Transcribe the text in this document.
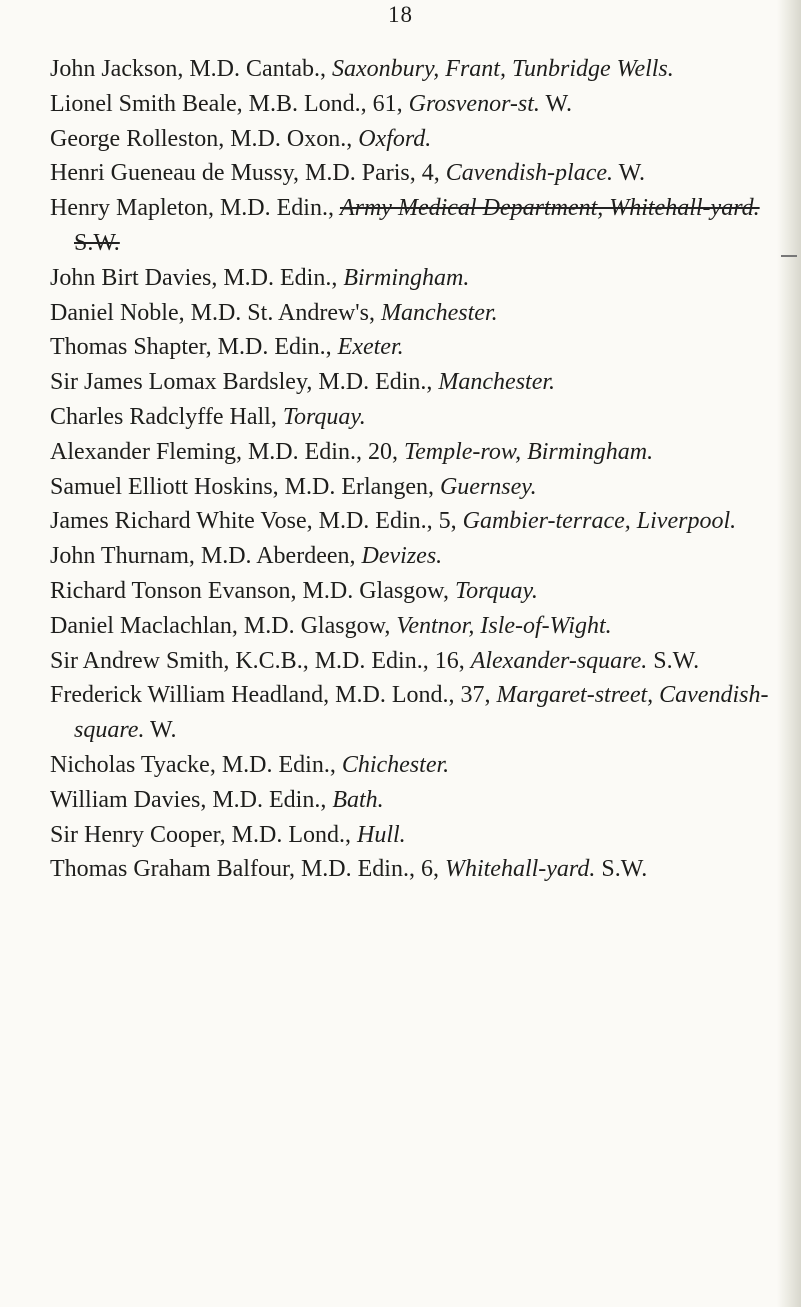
18

John Jackson, M.D. Cantab., Saxonbury, Frant, Tunbridge Wells.

Lionel Smith Beale, M.B. Lond., 61, Grosvenor-st. W.

George Rolleston, M.D. Oxon., Oxford.

Henri Gueneau de Mussy, M.D. Paris, 4, Cavendish-place. W.

Henry Mapleton, M.D. Edin., Army Medical Department, Whitehall-yard. S.W.

John Birt Davies, M.D. Edin., Birmingham.

Daniel Noble, M.D. St. Andrew's, Manchester.

Thomas Shapter, M.D. Edin., Exeter.

Sir James Lomax Bardsley, M.D. Edin., Manchester.

Charles Radclyffe Hall, Torquay.

Alexander Fleming, M.D. Edin., 20, Temple-row, Birmingham.

Samuel Elliott Hoskins, M.D. Erlangen, Guernsey.

James Richard White Vose, M.D. Edin., 5, Gambier-terrace, Liverpool.

John Thurnam, M.D. Aberdeen, Devizes.

Richard Tonson Evanson, M.D. Glasgow, Torquay.

Daniel Maclachlan, M.D. Glasgow, Ventnor, Isle-of-Wight.

Sir Andrew Smith, K.C.B., M.D. Edin., 16, Alexander-square. S.W.

Frederick William Headland, M.D. Lond., 37, Margaret-street, Cavendish-square. W.

Nicholas Tyacke, M.D. Edin., Chichester.

William Davies, M.D. Edin., Bath.

Sir Henry Cooper, M.D. Lond., Hull.

Thomas Graham Balfour, M.D. Edin., 6, Whitehall-yard. S.W.
